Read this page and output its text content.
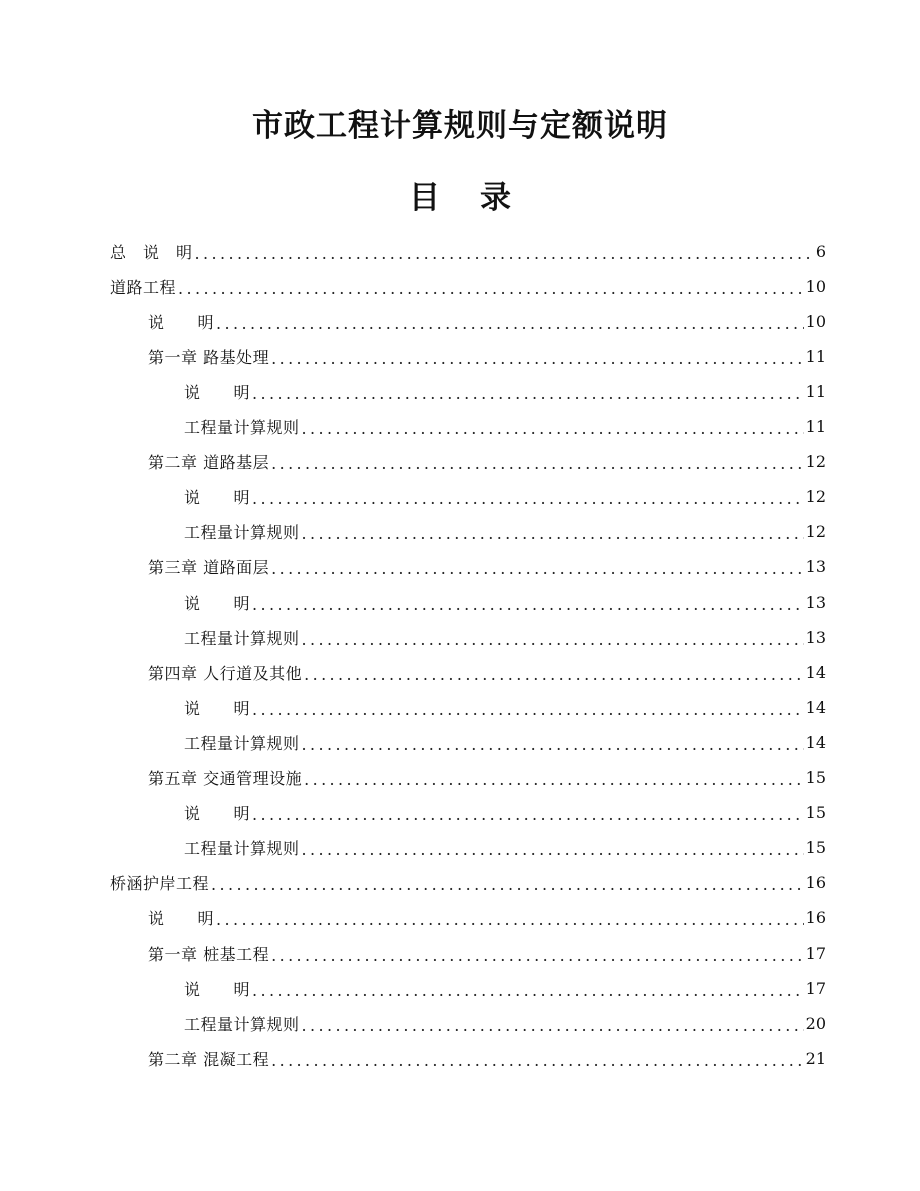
市政工程计算规则与定额说明
目 录
总　说　明 .....	6
道路工程 .....	10
说　　明 .....	10
第一章 路基处理 .....	11
说　　明 .....	11
工程量计算规则 .....	11
第二章 道路基层 .....	12
说　　明 .....	12
工程量计算规则 .....	12
第三章 道路面层 .....	13
说　　明 .....	13
工程量计算规则 .....	13
第四章 人行道及其他 .....	14
说　　明 .....	14
工程量计算规则 .....	14
第五章 交通管理设施 .....	15
说　　明 .....	15
工程量计算规则 .....	15
桥涵护岸工程 .....	16
说　　明 .....	16
第一章 桩基工程 .....	17
说　　明 .....	17
工程量计算规则 .....	20
第二章 混凝工程 .....	21
